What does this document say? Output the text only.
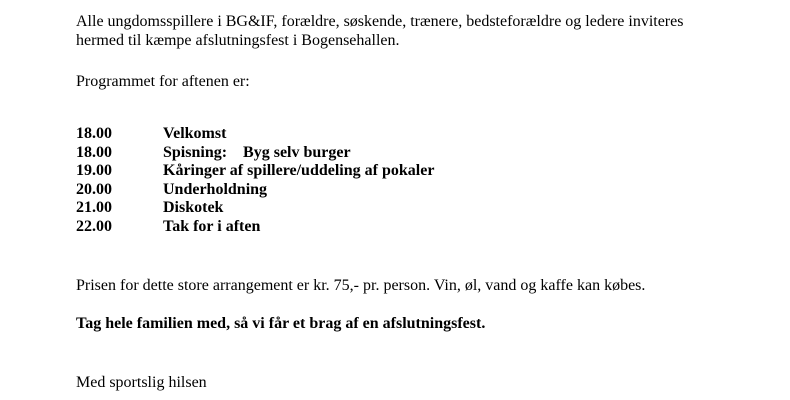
Alle ungdomsspillere i BG&IF, forældre, søskende, trænere, bedsteforældre og ledere inviteres
hermed til kæmpe afslutningsfest i Bogensehallen.

Programmet for aftenen er:

18.00	Velkomst
18.00	Spisning:    Byg selv burger
19.00	Kåringer af spillere/uddeling af pokaler
20.00	Underholdning
21.00	Diskotek
22.00	Tak for i aften

Prisen for dette store arrangement er kr. 75,- pr. person. Vin, øl, vand og kaffe kan købes.

Tag hele familien med, så vi får et brag af en afslutningsfest.

Med sportslig hilsen
